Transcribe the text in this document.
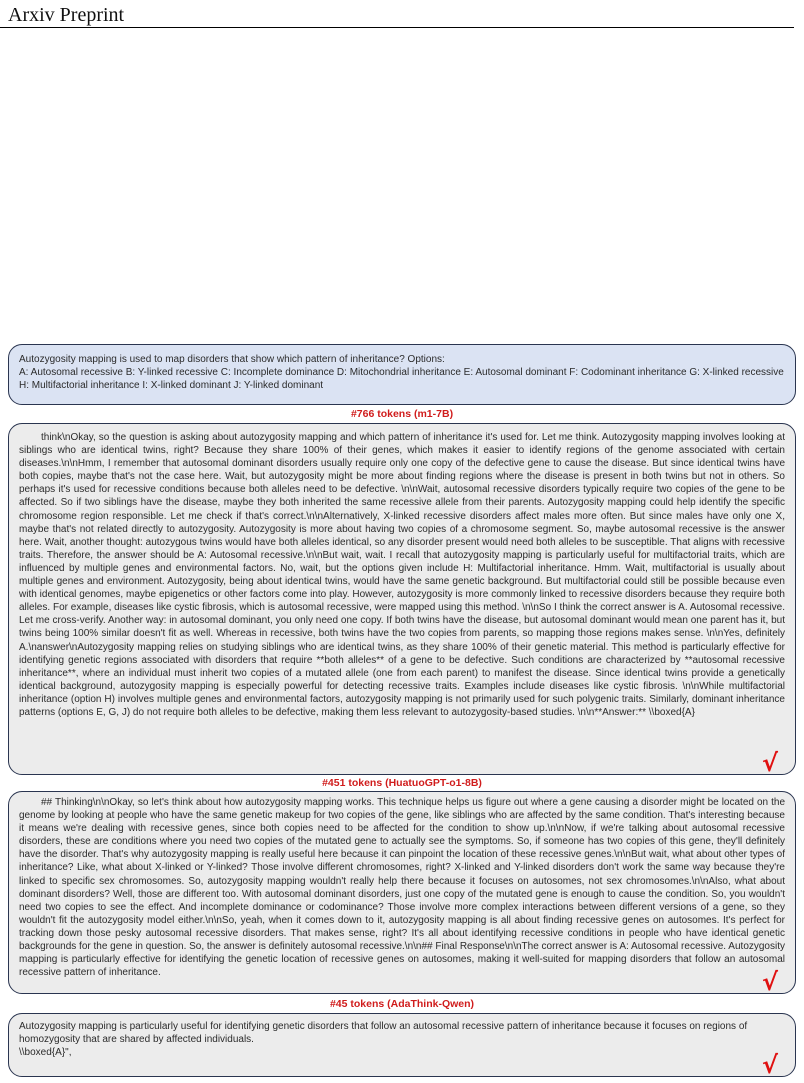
Arxiv Preprint
Autozygosity mapping is used to map disorders that show which pattern of inheritance? Options:
A: Autosomal recessive B: Y-linked recessive C: Incomplete dominance D: Mitochondrial inheritance E: Autosomal dominant F: Codominant inheritance G: X-linked recessive H: Multifactorial inheritance I: X-linked dominant J: Y-linked dominant
#766 tokens (m1-7B)
think\nOkay, so the question is asking about autozygosity mapping and which pattern of inheritance it's used for. Let me think. Autozygosity mapping involves looking at siblings who are identical twins, right? Because they share 100% of their genes, which makes it easier to identify regions of the genome associated with certain diseases.\n\nHmm, I remember that autosomal dominant disorders usually require only one copy of the defective gene to cause the disease. But since identical twins have both copies, maybe that's not the case here. Wait, but autozygosity might be more about finding regions where the disease is present in both twins but not in others. So perhaps it's used for recessive conditions because both alleles need to be defective. \n\nWait, autosomal recessive disorders typically require two copies of the gene to be affected. So if two siblings have the disease, maybe they both inherited the same recessive allele from their parents. Autozygosity mapping could help identify the specific chromosome region responsible. Let me check if that's correct.\n\nAlternatively, X-linked recessive disorders affect males more often. But since males have only one X, maybe that's not related directly to autozygosity. Autozygosity is more about having two copies of a chromosome segment. So, maybe autosomal recessive is the answer here. Wait, another thought: autozygous twins would have both alleles identical, so any disorder present would need both alleles to be susceptible. That aligns with recessive traits. Therefore, the answer should be A: Autosomal recessive.\n\nBut wait, wait. I recall that autozygosity mapping is particularly useful for multifactorial traits, which are influenced by multiple genes and environmental factors. No, wait, but the options given include H: Multifactorial inheritance. Hmm. Wait, multifactorial is usually about multiple genes and environment. Autozygosity, being about identical twins, would have the same genetic background. But multifactorial could still be possible because even with identical genomes, maybe epigenetics or other factors come into play. However, autozygosity is more commonly linked to recessive disorders because they require both alleles. For example, diseases like cystic fibrosis, which is autosomal recessive, were mapped using this method. \n\nSo I think the correct answer is A. Autosomal recessive. Let me cross-verify. Another way: in autosomal dominant, you only need one copy. If both twins have the disease, but autosomal dominant would mean one parent has it, but twins being 100% similar doesn't fit as well. Whereas in recessive, both twins have the two copies from parents, so mapping those regions makes sense. \n\nYes, definitely A.\nanswer\nAutozygosity mapping relies on studying siblings who are identical twins, as they share 100% of their genetic material. This method is particularly effective for identifying genetic regions associated with disorders that require **both alleles** of a gene to be defective. Such conditions are characterized by **autosomal recessive inheritance**, where an individual must inherit two copies of a mutated allele (one from each parent) to manifest the disease. Since identical twins provide a genetically identical background, autozygosity mapping is especially powerful for detecting recessive traits. Examples include diseases like cystic fibrosis. \n\nWhile multifactorial inheritance (option H) involves multiple genes and environmental factors, autozygosity mapping is not primarily used for such polygenic traits. Similarly, dominant inheritance patterns (options E, G, J) do not require both alleles to be defective, making them less relevant to autozygosity-based studies. \n\n**Answer:** \\boxed{A}
√
#451 tokens (HuatuoGPT-o1-8B)
## Thinking\n\nOkay, so let's think about how autozygosity mapping works. This technique helps us figure out where a gene causing a disorder might be located on the genome by looking at people who have the same genetic makeup for two copies of the gene, like siblings who are affected by the same condition. That's interesting because it means we're dealing with recessive genes, since both copies need to be affected for the condition to show up.\n\nNow, if we're talking about autosomal recessive disorders, these are conditions where you need two copies of the mutated gene to actually see the symptoms. So, if someone has two copies of this gene, they'll definitely have the disorder. That's why autozygosity mapping is really useful here because it can pinpoint the location of these recessive genes.\n\nBut wait, what about other types of inheritance? Like, what about X-linked or Y-linked? Those involve different chromosomes, right? X-linked and Y-linked disorders don't work the same way because they're linked to specific sex chromosomes. So, autozygosity mapping wouldn't really help there because it focuses on autosomes, not sex chromosomes.\n\nAlso, what about dominant disorders? Well, those are different too. With autosomal dominant disorders, just one copy of the mutated gene is enough to cause the condition. So, you wouldn't need two copies to see the effect. And incomplete dominance or codominance? Those involve more complex interactions between different versions of a gene, so they wouldn't fit the autozygosity model either.\n\nSo, yeah, when it comes down to it, autozygosity mapping is all about finding recessive genes on autosomes. It's perfect for tracking down those pesky autosomal recessive disorders. That makes sense, right? It's all about identifying recessive conditions in people who have identical genetic backgrounds for the gene in question. So, the answer is definitely autosomal recessive.\n\n## Final Response\n\nThe correct answer is A: Autosomal recessive. Autozygosity mapping is particularly effective for identifying the genetic location of recessive genes on autosomes, making it well-suited for mapping disorders that follow an autosomal recessive pattern of inheritance.	√
#45 tokens (AdaThink-Qwen)
Autozygosity mapping is particularly useful for identifying genetic disorders that follow an autosomal recessive pattern of inheritance because it focuses on regions of homozygosity that are shared by affected individuals.
\\boxed{A}",	√
